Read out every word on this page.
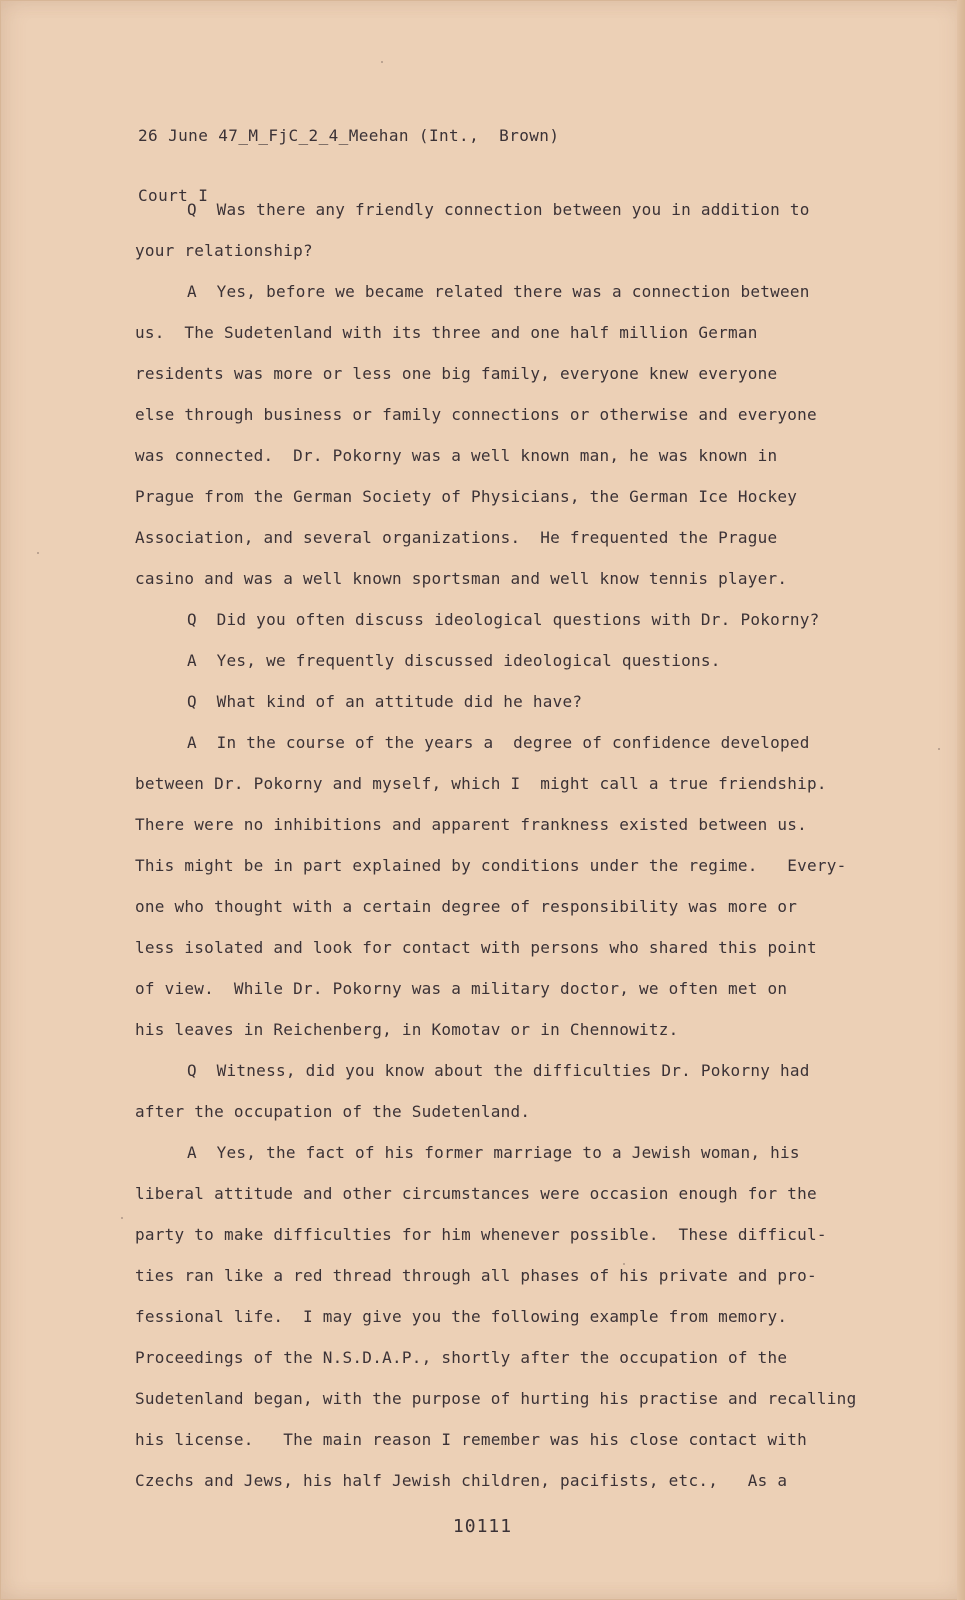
26 June 47_M_FjC_2_4_Meehan (Int.,  Brown)

Court I

Q  Was there any friendly connection between you in addition to
your relationship?
A  Yes, before we became related there was a connection between
us.  The Sudetenland with its three and one half million German
residents was more or less one big family, everyone knew everyone
else through business or family connections or otherwise and everyone
was connected.  Dr. Pokorny was a well known man, he was known in
Prague from the German Society of Physicians, the German Ice Hockey
Association, and several organizations.  He frequented the Prague
casino and was a well known sportsman and well know tennis player.
Q  Did you often discuss ideological questions with Dr. Pokorny?
A  Yes, we frequently discussed ideological questions.
Q  What kind of an attitude did he have?
A  In the course of the years a  degree of confidence developed
between Dr. Pokorny and myself, which I  might call a true friendship.
There were no inhibitions and apparent frankness existed between us.
This might be in part explained by conditions under the regime.   Every-
one who thought with a certain degree of responsibility was more or
less isolated and look for contact with persons who shared this point
of view.  While Dr. Pokorny was a military doctor, we often met on
his leaves in Reichenberg, in Komotav or in Chennowitz.
Q  Witness, did you know about the difficulties Dr. Pokorny had
after the occupation of the Sudetenland.
A  Yes, the fact of his former marriage to a Jewish woman, his
liberal attitude and other circumstances were occasion enough for the
party to make difficulties for him whenever possible.  These difficul-
ties ran like a red thread through all phases of his private and pro-
fessional life.  I may give you the following example from memory.
Proceedings of the N.S.D.A.P., shortly after the occupation of the
Sudetenland began, with the purpose of hurting his practise and recalling
his license.   The main reason I remember was his close contact with
Czechs and Jews, his half Jewish children, pacifists, etc.,   As a
10111
